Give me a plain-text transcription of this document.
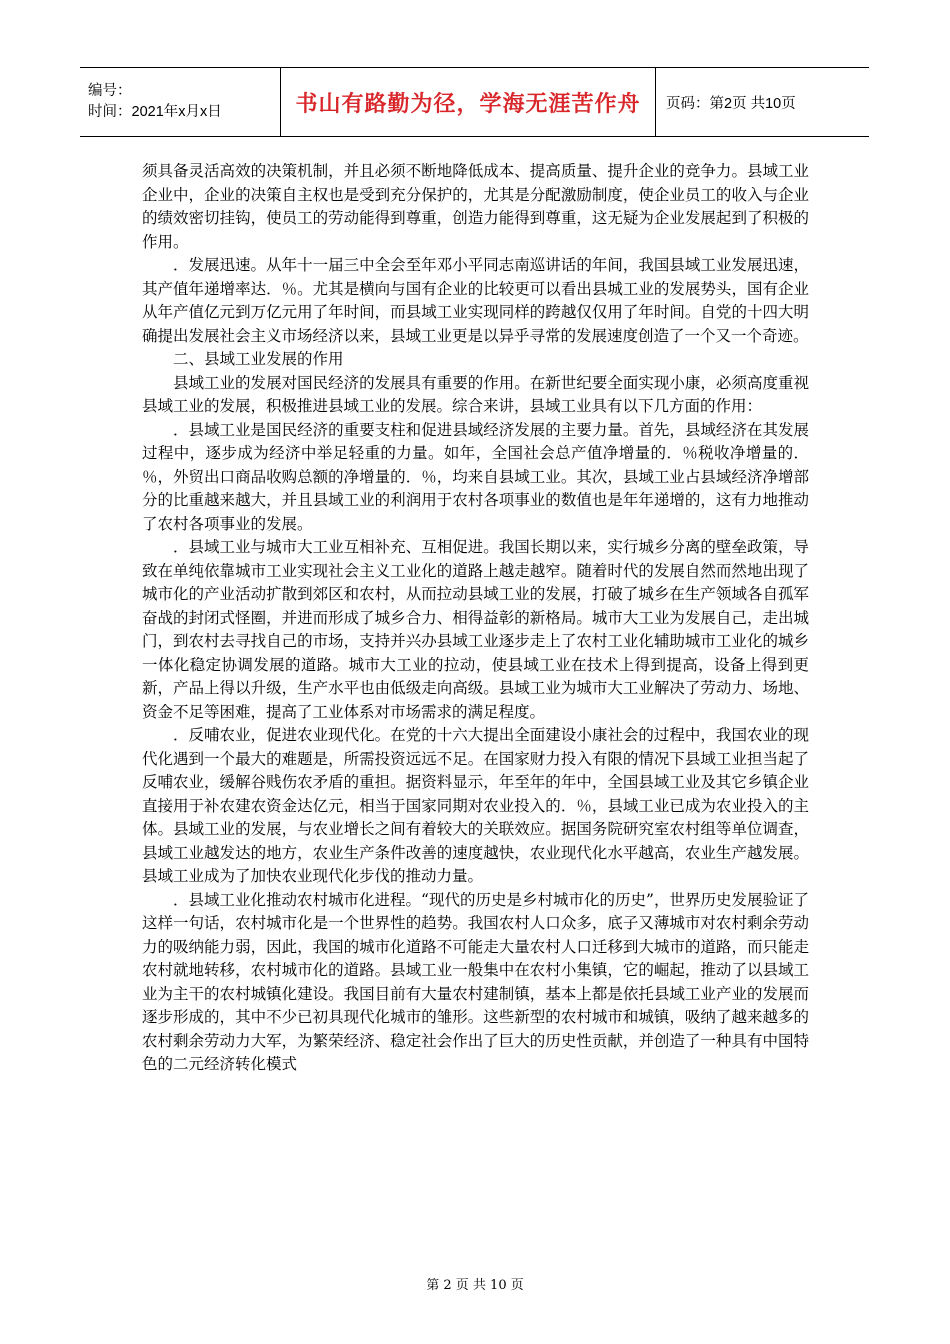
编号：
时间：2021年x月x日	书山有路勤为径，学海无涯苦作舟	页码：第2页 共10页

须具备灵活高效的决策机制，并且必须不断地降低成本、提高质量、提升企业的竞争力。县域工业企业中，企业的决策自主权也是受到充分保护的，尤其是分配激励制度，使企业员工的收入与企业的绩效密切挂钩，使员工的劳动能得到尊重，创造力能得到尊重，这无疑为企业发展起到了积极的作用。

．发展迅速。从年十一届三中全会至年邓小平同志南巡讲话的年间，我国县域工业发展迅速，其产值年递增率达．％。尤其是横向与国有企业的比较更可以看出县城工业的发展势头，国有企业从年产值亿元到万亿元用了年时间，而县域工业实现同样的跨越仅仅用了年时间。自党的十四大明确提出发展社会主义市场经济以来，县域工业更是以异乎寻常的发展速度创造了一个又一个奇迹。

二、县域工业发展的作用

县域工业的发展对国民经济的发展具有重要的作用。在新世纪要全面实现小康，必须高度重视县域工业的发展，积极推进县域工业的发展。综合来讲，县域工业具有以下几方面的作用：

．县域工业是国民经济的重要支柱和促进县域经济发展的主要力量。首先，县域经济在其发展过程中，逐步成为经济中举足轻重的力量。如年，全国社会总产值净增量的．％税收净增量的．％，外贸出口商品收购总额的净增量的．％，均来自县域工业。其次，县域工业占县域经济净增部分的比重越来越大，并且县域工业的利润用于农村各项事业的数值也是年年递增的，这有力地推动了农村各项事业的发展。

．县域工业与城市大工业互相补充、互相促进。我国长期以来，实行城乡分离的壁垒政策，导致在单纯依靠城市工业实现社会主义工业化的道路上越走越窄。随着时代的发展自然而然地出现了城市化的产业活动扩散到郊区和农村，从而拉动县域工业的发展，打破了城乡在生产领域各自孤军奋战的封闭式怪圈，并进而形成了城乡合力、相得益彰的新格局。城市大工业为发展自己，走出城门，到农村去寻找自己的市场，支持并兴办县域工业逐步走上了农村工业化辅助城市工业化的城乡一体化稳定协调发展的道路。城市大工业的拉动，使县域工业在技术上得到提高，设备上得到更新，产品上得以升级，生产水平也由低级走向高级。县域工业为城市大工业解决了劳动力、场地、资金不足等困难，提高了工业体系对市场需求的满足程度。

．反哺农业，促进农业现代化。在党的十六大提出全面建设小康社会的过程中，我国农业的现代化遇到一个最大的难题是，所需投资远远不足。在国家财力投入有限的情况下县域工业担当起了反哺农业，缓解谷贱伤农矛盾的重担。据资料显示，年至年的年中，全国县域工业及其它乡镇企业直接用于补农建农资金达亿元，相当于国家同期对农业投入的．％，县域工业已成为农业投入的主体。县域工业的发展，与农业增长之间有着较大的关联效应。据国务院研究室农村组等单位调查，县域工业越发达的地方，农业生产条件改善的速度越快，农业现代化水平越高，农业生产越发展。县域工业成为了加快农业现代化步伐的推动力量。

．县域工业化推动农村城市化进程。“现代的历史是乡村城市化的历史”，世界历史发展验证了这样一句话，农村城市化是一个世界性的趋势。我国农村人口众多，底子又薄城市对农村剩余劳动力的吸纳能力弱，因此，我国的城市化道路不可能走大量农村人口迁移到大城市的道路，而只能走农村就地转移，农村城市化的道路。县域工业一般集中在农村小集镇，它的崛起，推动了以县域工业为主干的农村城镇化建设。我国目前有大量农村建制镇，基本上都是依托县域工业产业的发展而逐步形成的，其中不少已初具现代化城市的雏形。这些新型的农村城市和城镇，吸纳了越来越多的农村剩余劳动力大军，为繁荣经济、稳定社会作出了巨大的历史性贡献，并创造了一种具有中国特色的二元经济转化模式

第 2 页 共 10 页
